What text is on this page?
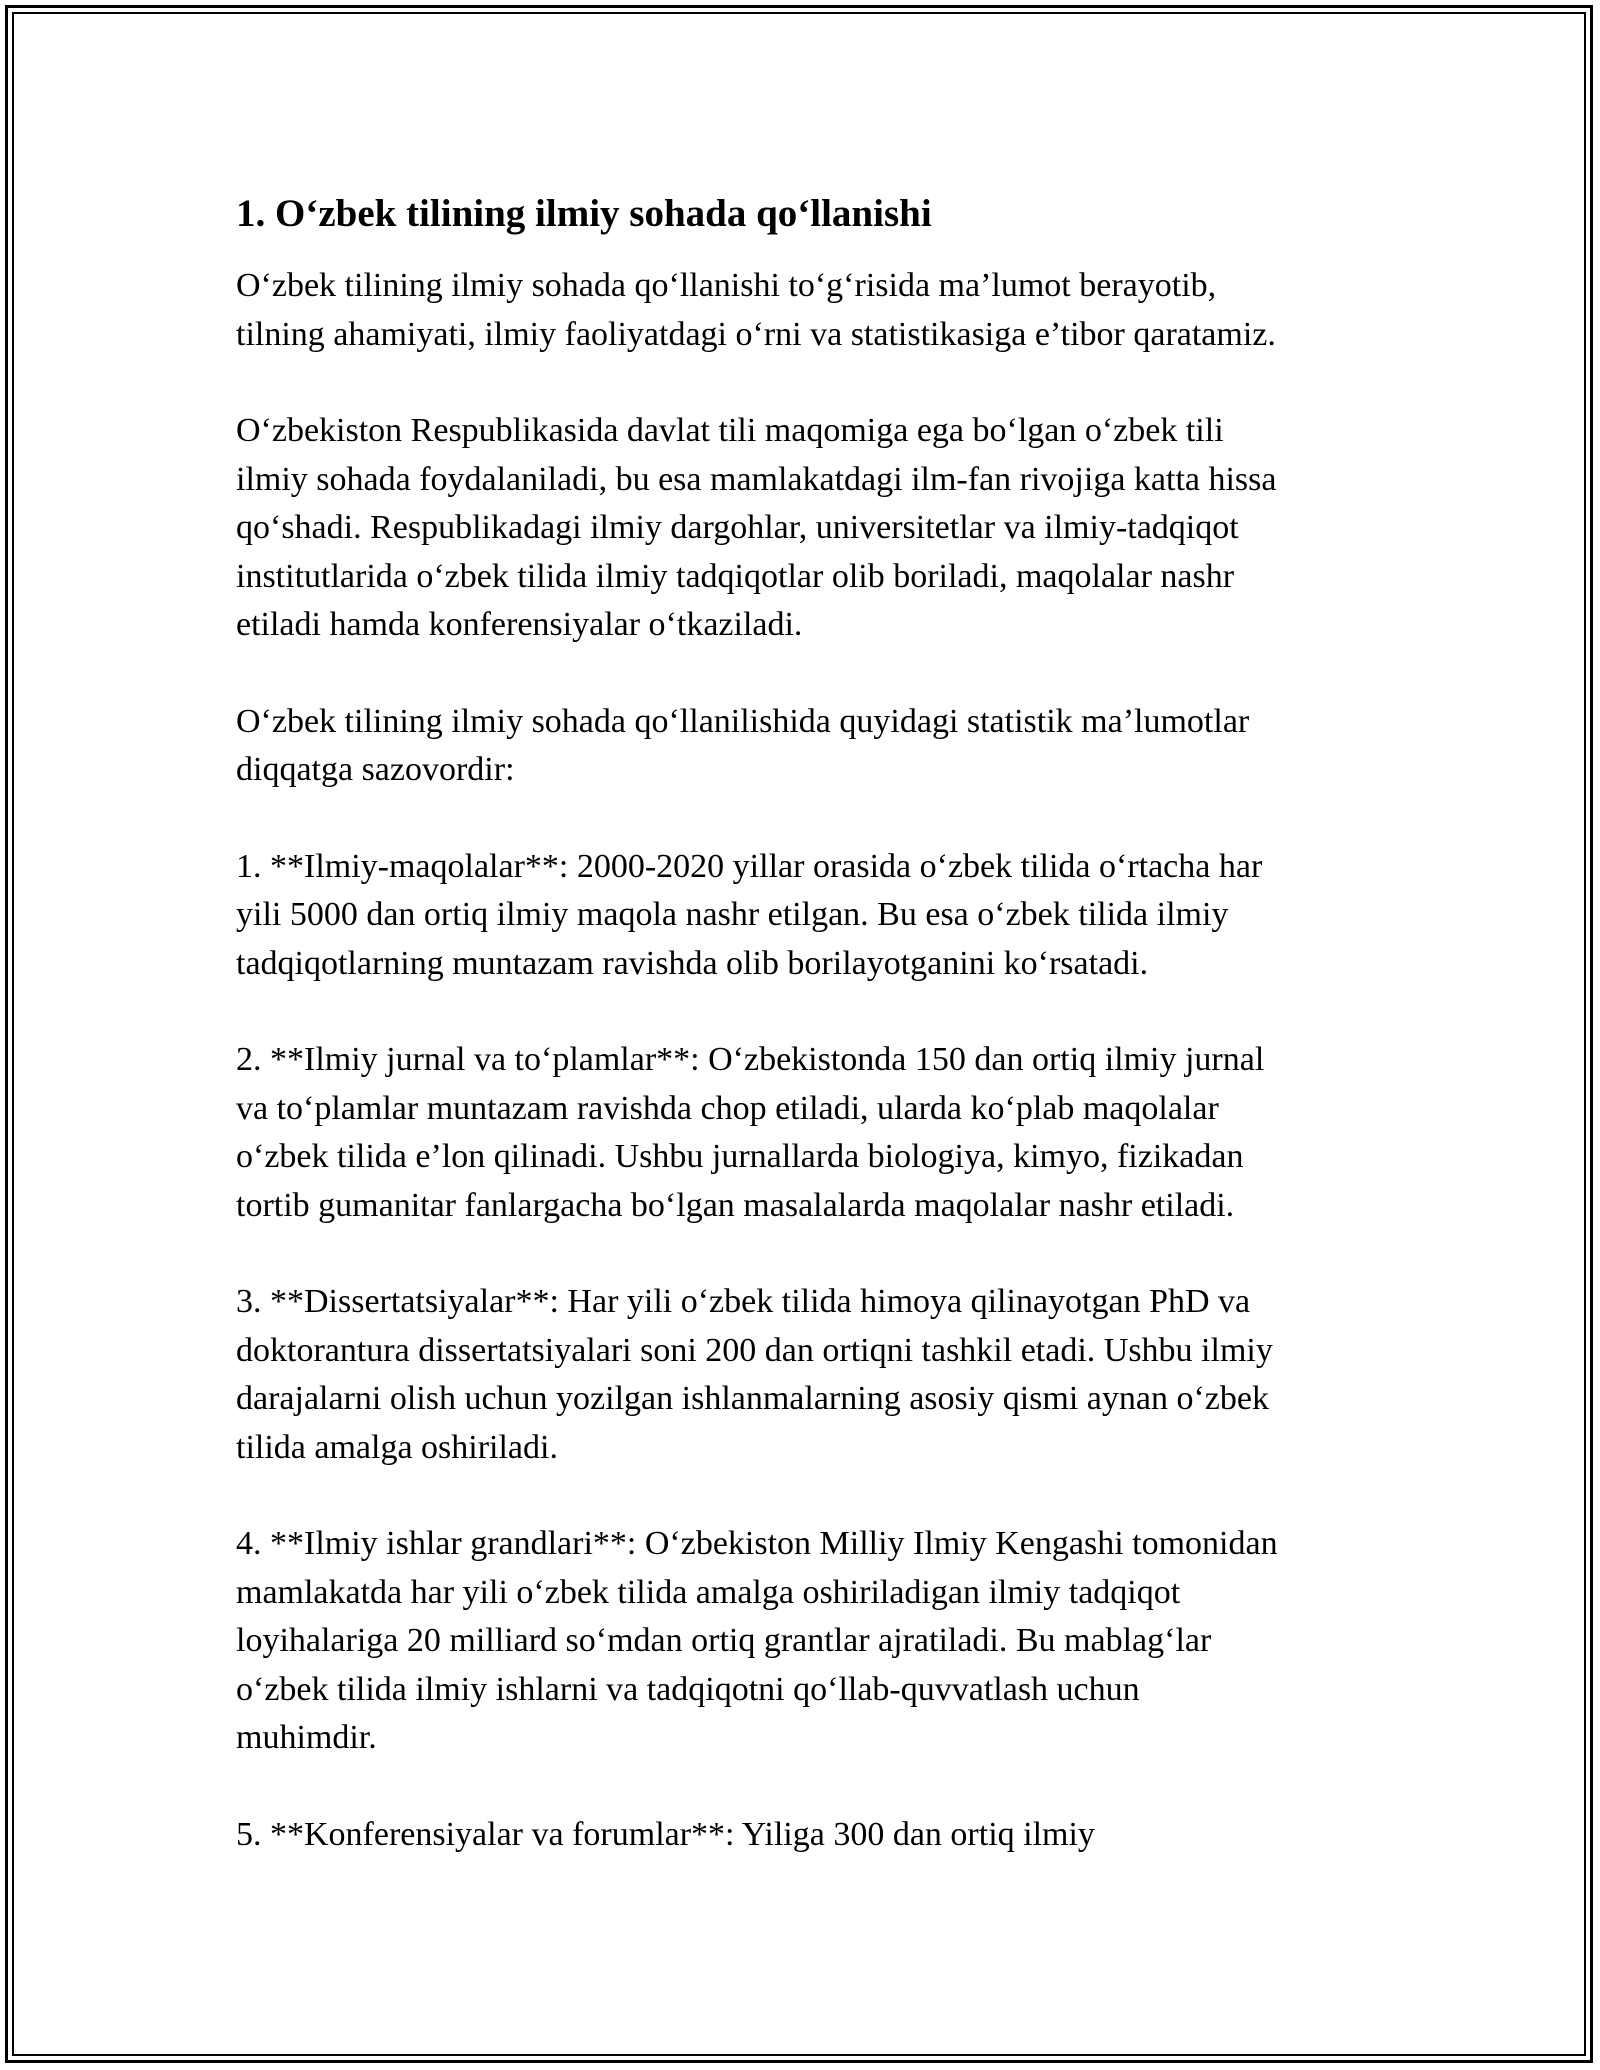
1. O‘zbek tilining ilmiy sohada qo‘llanishi

O‘zbek tilining ilmiy sohada qo‘llanishi to‘g‘risida ma’lumot berayotib,
tilning ahamiyati, ilmiy faoliyatdagi o‘rni va statistikasiga e’tibor qaratamiz.

O‘zbekiston Respublikasida davlat tili maqomiga ega bo‘lgan o‘zbek tili
ilmiy sohada foydalaniladi, bu esa mamlakatdagi ilm-fan rivojiga katta hissa
qo‘shadi. Respublikadagi ilmiy dargohlar, universitetlar va ilmiy-tadqiqot
institutlarida o‘zbek tilida ilmiy tadqiqotlar olib boriladi, maqolalar nashr
etiladi hamda konferensiyalar o‘tkaziladi.

O‘zbek tilining ilmiy sohada qo‘llanilishida quyidagi statistik ma’lumotlar
diqqatga sazovordir:

1. **Ilmiy-maqolalar**: 2000-2020 yillar orasida o‘zbek tilida o‘rtacha har
yili 5000 dan ortiq ilmiy maqola nashr etilgan. Bu esa o‘zbek tilida ilmiy
tadqiqotlarning muntazam ravishda olib borilayotganini ko‘rsatadi.

2. **Ilmiy jurnal va to‘plamlar**: O‘zbekistonda 150 dan ortiq ilmiy jurnal
va to‘plamlar muntazam ravishda chop etiladi, ularda ko‘plab maqolalar
o‘zbek tilida e’lon qilinadi. Ushbu jurnallarda biologiya, kimyo, fizikadan
tortib gumanitar fanlargacha bo‘lgan masalalarda maqolalar nashr etiladi.

3. **Dissertatsiyalar**: Har yili o‘zbek tilida himoya qilinayotgan PhD va
doktorantura dissertatsiyalari soni 200 dan ortiqni tashkil etadi. Ushbu ilmiy
darajalarni olish uchun yozilgan ishlanmalarning asosiy qismi aynan o‘zbek
tilida amalga oshiriladi.

4. **Ilmiy ishlar grandlari**: O‘zbekiston Milliy Ilmiy Kengashi tomonidan
mamlakatda har yili o‘zbek tilida amalga oshiriladigan ilmiy tadqiqot
loyihalariga 20 milliard so‘mdan ortiq grantlar ajratiladi. Bu mablag‘lar
o‘zbek tilida ilmiy ishlarni va tadqiqotni qo‘llab-quvvatlash uchun
muhimdir.

5. **Konferensiyalar va forumlar**: Yiliga 300 dan ortiq ilmiy
